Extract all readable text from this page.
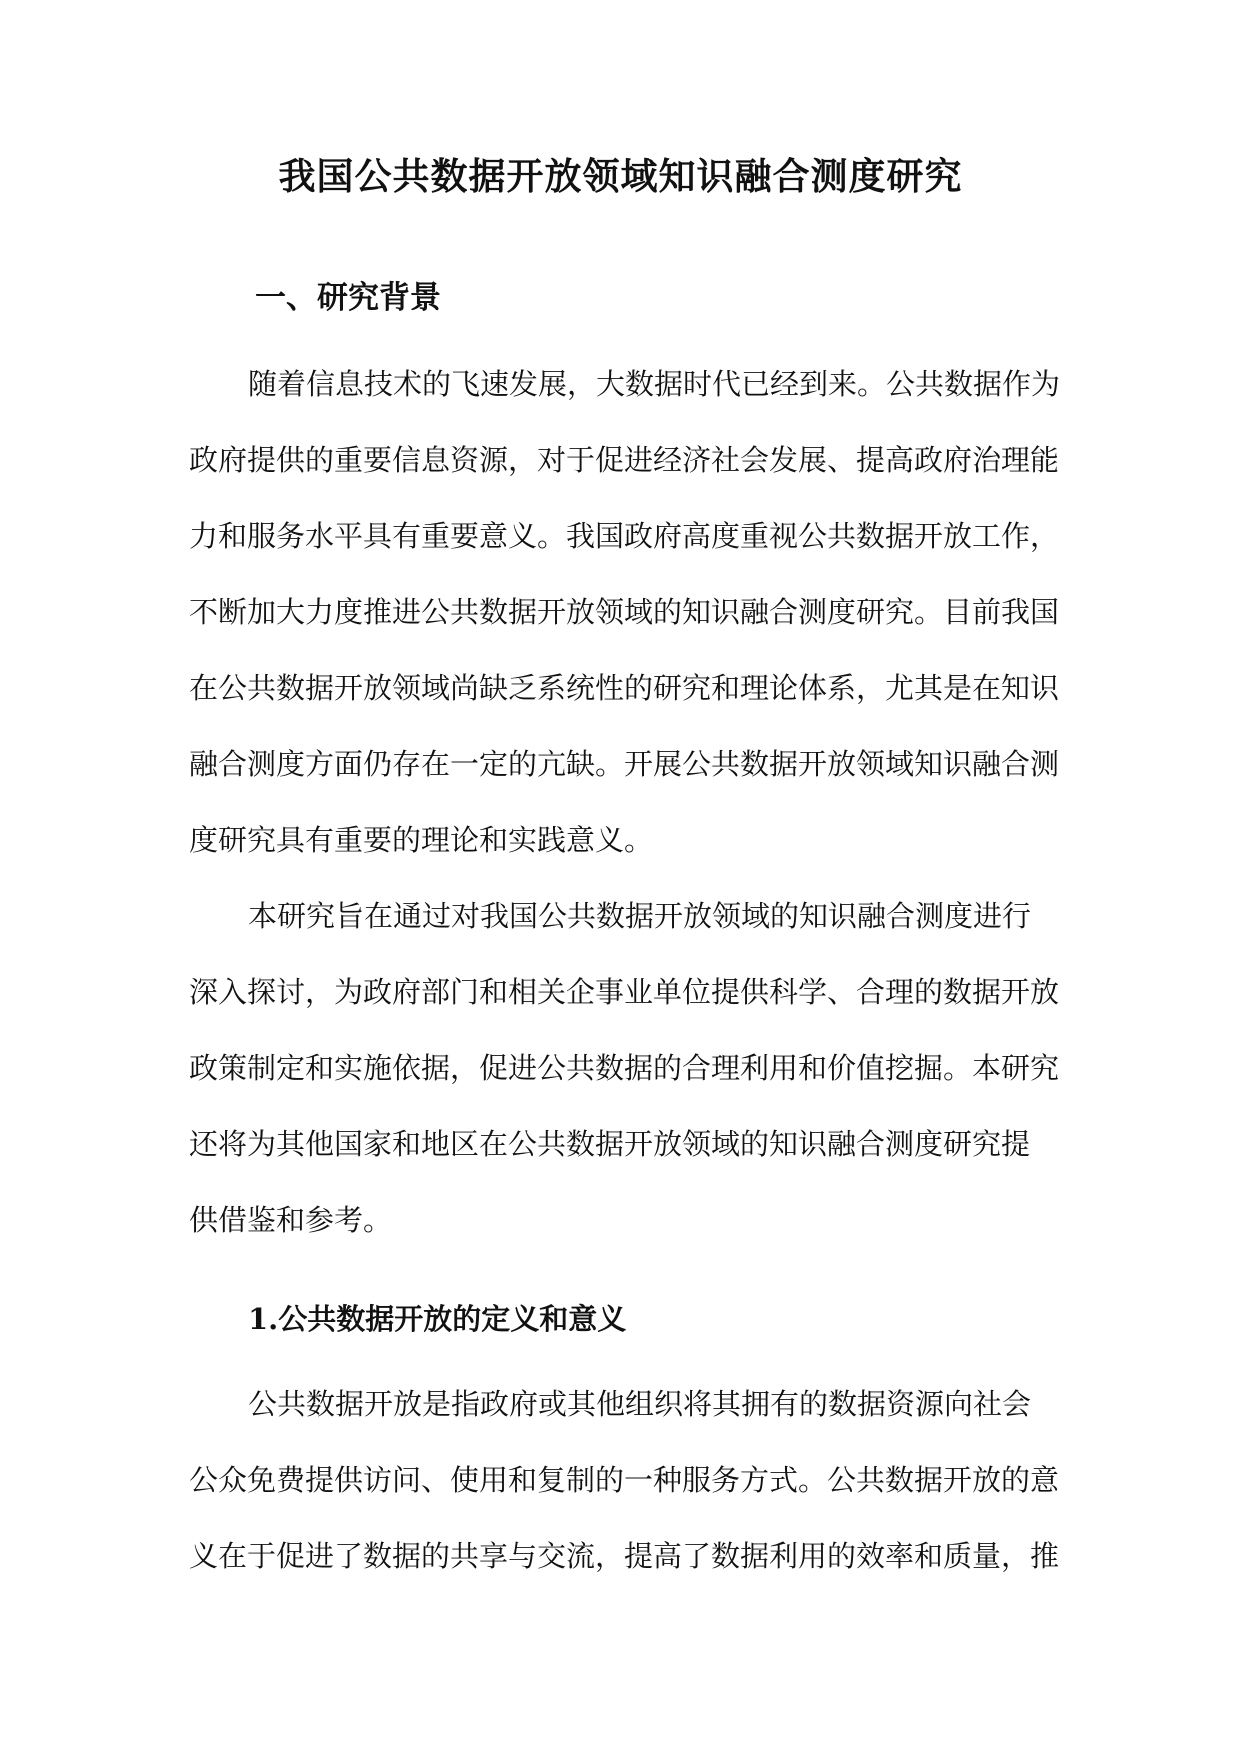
我国公共数据开放领域知识融合测度研究
一、研究背景

随着信息技术的飞速发展，大数据时代已经到来。公共数据作为

政府提供的重要信息资源，对于促进经济社会发展、提高政府治理能

力和服务水平具有重要意义。我国政府高度重视公共数据开放工作，

不断加大力度推进公共数据开放领域的知识融合测度研究。目前我国

在公共数据开放领域尚缺乏系统性的研究和理论体系，尤其是在知识

融合测度方面仍存在一定的亢缺。开展公共数据开放领域知识融合测

度研究具有重要的理论和实践意义。

本研究旨在通过对我国公共数据开放领域的知识融合测度进行

深入探讨，为政府部门和相关企事业单位提供科学、合理的数据开放

政策制定和实施依据，促进公共数据的合理利用和价值挖掘。本研究

还将为其他国家和地区在公共数据开放领域的知识融合测度研究提

供借鉴和参考。

1.公共数据开放的定义和意义

公共数据开放是指政府或其他组织将其拥有的数据资源向社会

公众免费提供访问、使用和复制的一种服务方式。公共数据开放的意

义在于促进了数据的共享与交流，提高了数据利用的效率和质量，推
